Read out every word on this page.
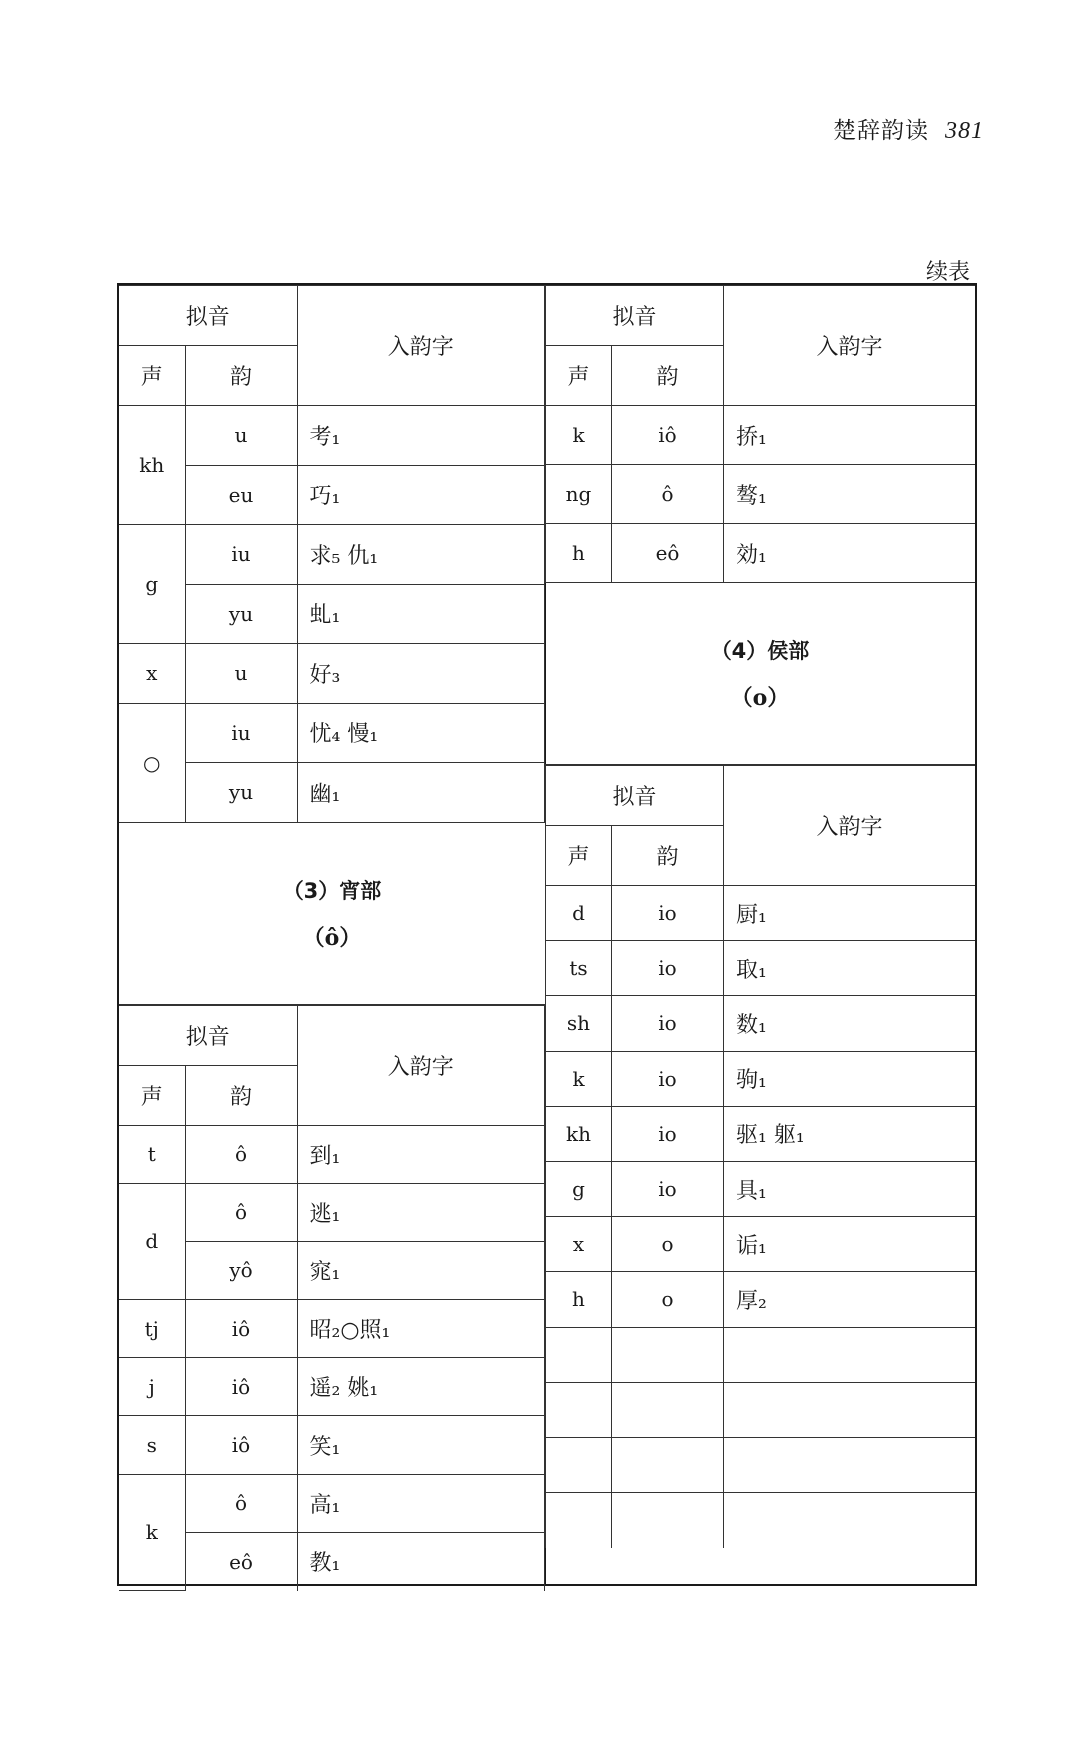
楚辞韵读 381
续表
拟音		入韵字
声	韵	
kh	u	考₁
	eu	巧₁
g	iu	求₅ 仇₁
	yu	虬₁
x	u	好₃
○	iu	忧₄ 慢₁
	yu	幽₁
（3）宵部
（ô）
拟音		入韵字
声	韵	
t	ô	到₁
d	ô	逃₁
	yô	窕₁
tj	iô	昭₂○照₁
j	iô	遥₂ 姚₁
s	iô	笑₁
k	ô	高₁
	eô	教₁
拟音		入韵字
声	韵	
k	iô	挢₁
ng	ô	骜₁
h	eô	効₁
（4）侯部
（o）
拟音		入韵字
声	韵	
d	io	厨₁
ts	io	取₁
sh	io	数₁
k	io	驹₁
kh	io	驱₁ 躯₁
g	io	具₁
x	o	诟₁
h	o	厚₂
